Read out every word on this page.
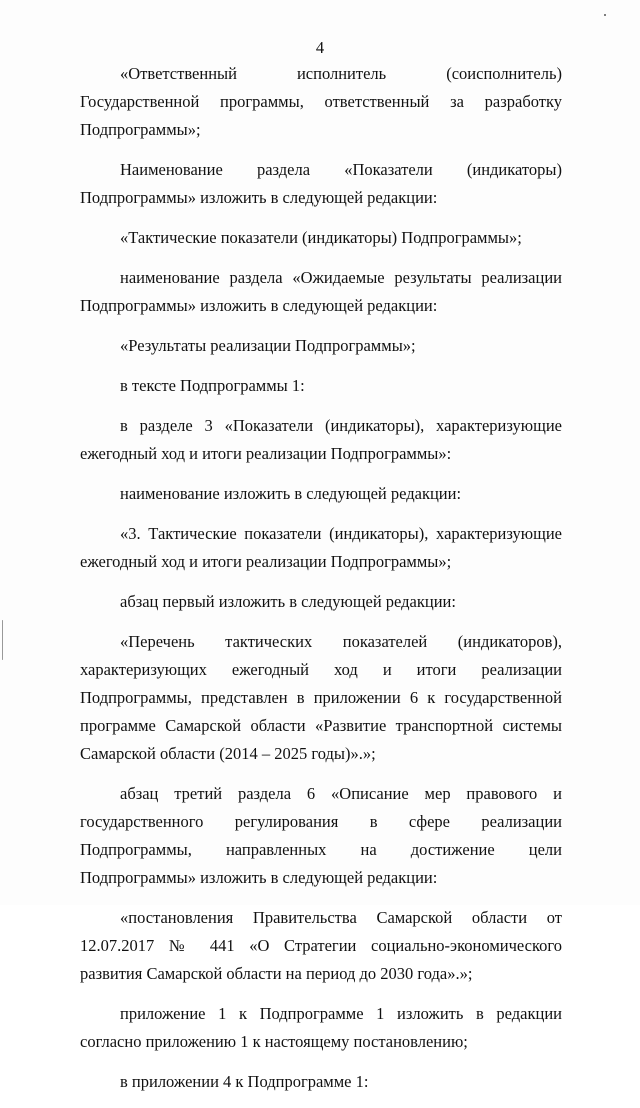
4

«Ответственный исполнитель (соисполнитель) Государственной программы, ответственный за разработку Подпрограммы»;

Наименование раздела «Показатели (индикаторы) Подпрограммы» изложить в следующей редакции:

«Тактические показатели (индикаторы) Подпрограммы»;

наименование раздела «Ожидаемые результаты реализации Подпрограммы» изложить в следующей редакции:

«Результаты реализации Подпрограммы»;

в тексте Подпрограммы 1:

в разделе 3 «Показатели (индикаторы), характеризующие ежегодный ход и итоги реализации Подпрограммы»:

наименование изложить в следующей редакции:

«3. Тактические показатели (индикаторы), характеризующие ежегодный ход и итоги реализации Подпрограммы»;

абзац первый изложить в следующей редакции:

«Перечень тактических показателей (индикаторов), характеризующих ежегодный ход и итоги реализации Подпрограммы, представлен в приложении 6 к государственной программе Самарской области «Развитие транспортной системы Самарской области (2014 – 2025 годы)».»;

абзац третий раздела 6 «Описание мер правового и государственного регулирования в сфере реализации Подпрограммы, направленных на достижение цели Подпрограммы» изложить в следующей редакции:

«постановления Правительства Самарской области от 12.07.2017 № 441 «О Стратегии социально-экономического развития Самарской области на период до 2030 года».»;

приложение 1 к Подпрограмме 1 изложить в редакции согласно приложению 1 к настоящему постановлению;

в приложении 4 к Подпрограмме 1:
